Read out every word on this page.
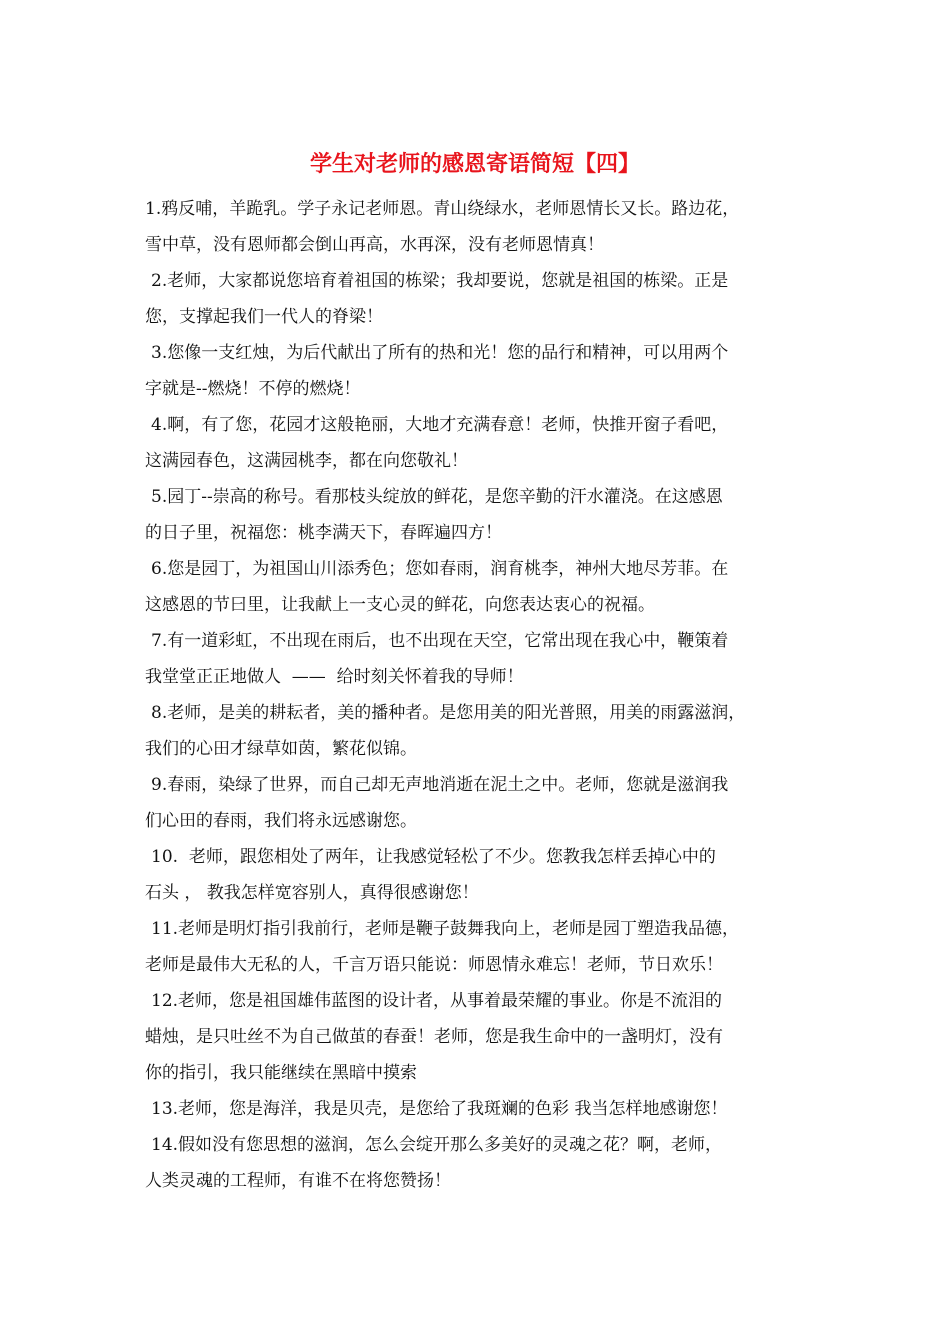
学生对老师的感恩寄语简短【四】
1.鸦反哺，羊跪乳。学子永记老师恩。青山绕绿水，老师恩情长又长。路边花，
雪中草，没有恩师都会倒山再高，水再深，没有老师恩情真！
2.老师，大家都说您培育着祖国的栋梁；我却要说，您就是祖国的栋梁。正是
您，支撑起我们一代人的脊梁！
3.您像一支红烛，为后代献出了所有的热和光！您的品行和精神，可以用两个
字就是--燃烧！不停的燃烧！
4.啊，有了您，花园才这般艳丽，大地才充满春意！老师，快推开窗子看吧，
这满园春色，这满园桃李，都在向您敬礼！
5.园丁--崇高的称号。看那枝头绽放的鲜花，是您辛勤的汗水灌浇。在这感恩
的日子里，祝福您：桃李满天下，春晖遍四方！
6.您是园丁，为祖国山川添秀色；您如春雨，润育桃李，神州大地尽芳菲。在
这感恩的节曰里，让我献上一支心灵的鲜花，向您表达衷心的祝福。
7.有一道彩虹，不出现在雨后，也不出现在天空，它常出现在我心中，鞭策着
我堂堂正正地做人  ——  给时刻关怀着我的导师！
8.老师，是美的耕耘者，美的播种者。是您用美的阳光普照，用美的雨露滋润，
我们的心田才绿草如茵，繁花似锦。
9.春雨，染绿了世界，而自己却无声地消逝在泥土之中。老师，您就是滋润我
们心田的春雨，我们将永远感谢您。
10.  老师，跟您相处了两年，让我感觉轻松了不少。您教我怎样丢掉心中的
石头 ， 教我怎样宽容别人，真得很感谢您！
11.老师是明灯指引我前行，老师是鞭子鼓舞我向上，老师是园丁塑造我品德，
老师是最伟大无私的人，千言万语只能说：师恩情永难忘！老师，节日欢乐！
12.老师，您是祖国雄伟蓝图的设计者，从事着最荣耀的事业。你是不流泪的
蜡烛，是只吐丝不为自己做茧的春蚕！老师，您是我生命中的一盏明灯，没有
你的指引，我只能继续在黑暗中摸索
13.老师，您是海洋，我是贝壳，是您给了我斑斓的色彩 我当怎样地感谢您！
14.假如没有您思想的滋润，怎么会绽开那么多美好的灵魂之花？啊，老师，
人类灵魂的工程师，有谁不在将您赞扬！
